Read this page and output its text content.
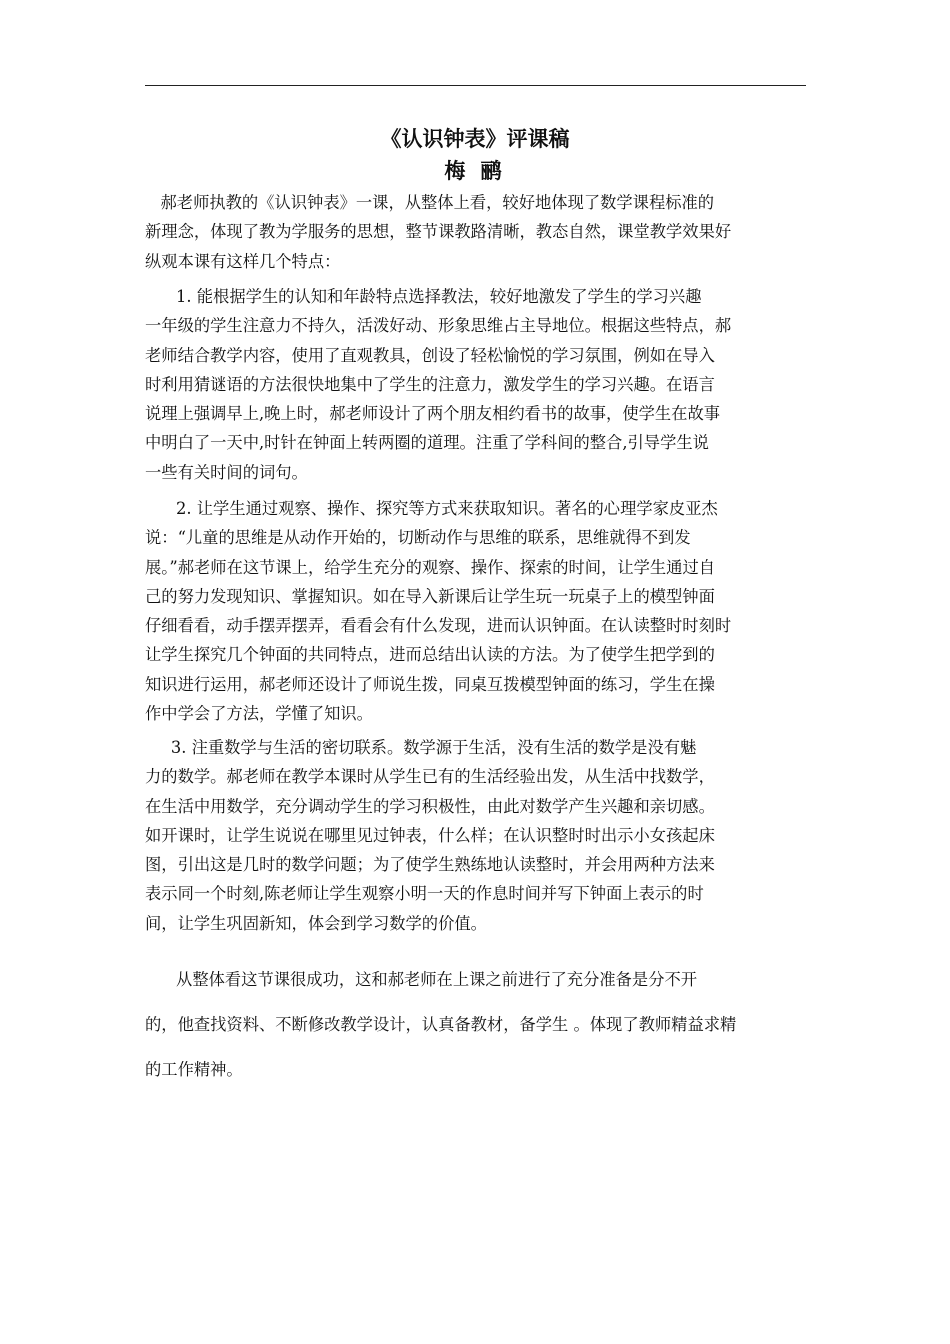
《认识钟表》评课稿
梅 鹂
郝老师执教的《认识钟表》一课，从整体上看，较好地体现了数学课程标准的
新理念，体现了教为学服务的思想，整节课教路清晰，教态自然，课堂教学效果好
纵观本课有这样几个特点：
1. 能根据学生的认知和年龄特点选择教法，较好地激发了学生的学习兴趣
一年级的学生注意力不持久，活泼好动、形象思维占主导地位。根据这些特点，郝
老师结合教学内容，使用了直观教具，创设了轻松愉悦的学习氛围，例如在导入
时利用猜谜语的方法很快地集中了学生的注意力，激发学生的学习兴趣。在语言
说理上强调早上,晚上时，郝老师设计了两个朋友相约看书的故事，使学生在故事
中明白了一天中,时针在钟面上转两圈的道理。注重了学科间的整合,引导学生说
一些有关时间的词句。
2. 让学生通过观察、操作、探究等方式来获取知识。著名的心理学家皮亚杰
说：“儿童的思维是从动作开始的，切断动作与思维的联系，思维就得不到发
展。”郝老师在这节课上，给学生充分的观察、操作、探索的时间，让学生通过自
己的努力发现知识、掌握知识。如在导入新课后让学生玩一玩桌子上的模型钟面
仔细看看，动手摆弄摆弄，看看会有什么发现，进而认识钟面。在认读整时时刻时
让学生探究几个钟面的共同特点，进而总结出认读的方法。为了使学生把学到的
知识进行运用，郝老师还设计了师说生拨，同桌互拨模型钟面的练习，学生在操
作中学会了方法，学懂了知识。
3. 注重数学与生活的密切联系。数学源于生活，没有生活的数学是没有魅
力的数学。郝老师在教学本课时从学生已有的生活经验出发，从生活中找数学，
在生活中用数学，充分调动学生的学习积极性，由此对数学产生兴趣和亲切感。
如开课时，让学生说说在哪里见过钟表，什么样；在认识整时时出示小女孩起床
图，引出这是几时的数学问题；为了使学生熟练地认读整时，并会用两种方法来
表示同一个时刻,陈老师让学生观察小明一天的作息时间并写下钟面上表示的时
间，让学生巩固新知，体会到学习数学的价值。
从整体看这节课很成功，这和郝老师在上课之前进行了充分准备是分不开
的，他查找资料、不断修改教学设计，认真备教材，备学生 。体现了教师精益求精
的工作精神。
